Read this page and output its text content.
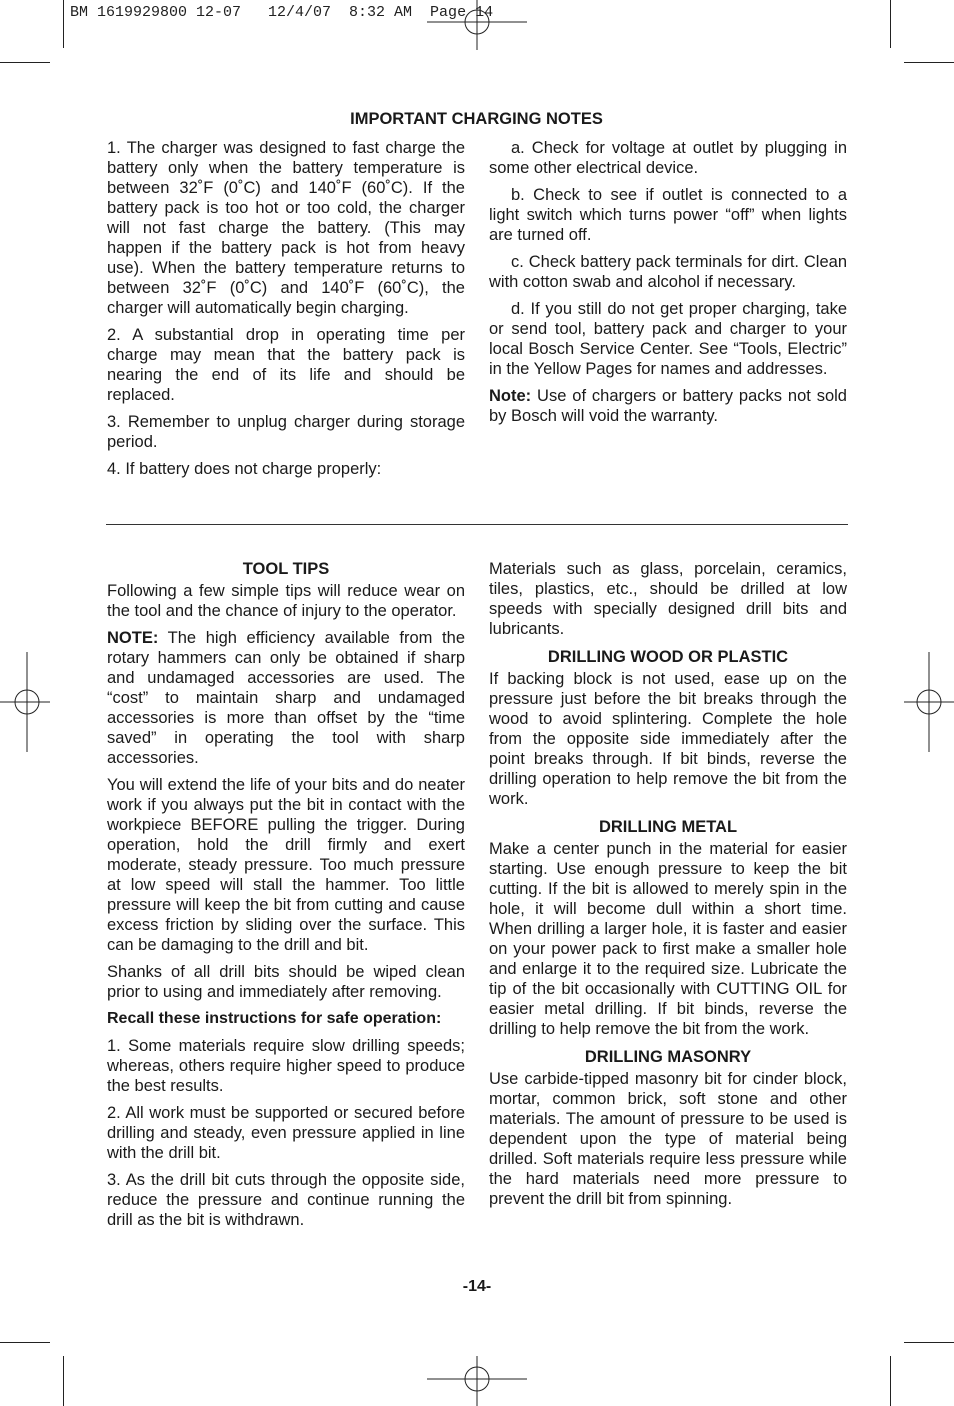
BM 1619929800 12-07   12/4/07  8:32 AM  Page 14
IMPORTANT CHARGING NOTES

1. The charger was designed to fast charge the battery only when the battery temperature is between 32˚F (0˚C) and 140˚F (60˚C). If the battery pack is too hot or too cold, the charger will not fast charge the battery. (This may happen if the battery pack is hot from heavy use). When the battery temperature returns to between 32˚F (0˚C) and 140˚F (60˚C), the charger will automatically begin charging.

2. A substantial drop in operating time per charge may mean that the battery pack is nearing the end of its life and should be replaced.

3. Remember to unplug charger during storage period.

4. If battery does not charge properly:

a. Check for voltage at outlet by plugging in some other electrical device.

b. Check to see if outlet is connected to a light switch which turns power “off” when lights are turned off.

c. Check battery pack terminals for dirt. Clean with cotton swab and alcohol if necessary.

d. If you still do not get proper charging, take or send tool, battery pack and charger to your local Bosch Service Center. See “Tools, Electric” in the Yellow Pages for names and addresses.

Note: Use of chargers or battery packs not sold by Bosch will void the warranty.

TOOL TIPS

Following a few simple tips will reduce wear on the tool and the chance of injury to the operator.

NOTE: The high efficiency available from the rotary hammers can only be obtained if sharp and undamaged accessories are used. The “cost” to maintain sharp and undamaged accessories is more than offset by the “time saved” in operating the tool with sharp accessories.

You will extend the life of your bits and do neater work if you always put the bit in contact with the workpiece BEFORE pulling the trigger. During operation, hold the drill firmly and exert moderate, steady pressure. Too much pressure at low speed will stall the hammer. Too little pressure will keep the bit from cutting and cause excess friction by sliding over the surface. This can be damaging to the drill and bit.

Shanks of all drill bits should be wiped clean prior to using and immediately after removing.

Recall these instructions for safe operation:

1. Some materials require slow drilling speeds; whereas, others require higher speed to produce the best results.

2. All work must be supported or secured before drilling and steady, even pressure applied in line with the drill bit.

3. As the drill bit cuts through the opposite side, reduce the pressure and continue running the drill as the bit is withdrawn.

Materials such as glass, porcelain, ceramics, tiles, plastics, etc., should be drilled at low speeds with specially designed drill bits and lubricants.

DRILLING WOOD OR PLASTIC

If backing block is not used, ease up on the pressure just before the bit breaks through the wood to avoid splintering. Complete the hole from the opposite side immediately after the point breaks through. If bit binds, reverse the drilling operation to help remove the bit from the work.

DRILLING METAL

Make a center punch in the material for easier starting. Use enough pressure to keep the bit cutting. If the bit is allowed to merely spin in the hole, it will become dull within a short time. When drilling a larger hole, it is faster and easier on your power pack to first make a smaller hole and enlarge it to the required size. Lubricate the tip of the bit occasionally with CUTTING OIL for easier metal drilling. If bit binds, reverse the drilling to help remove the bit from the work.

DRILLING MASONRY

Use carbide-tipped masonry bit for cinder block, mortar, common brick, soft stone and other materials. The amount of pressure to be used is dependent upon the type of material being drilled. Soft materials require less pressure while the hard materials need more pressure to prevent the drill bit from spinning.

-14-
